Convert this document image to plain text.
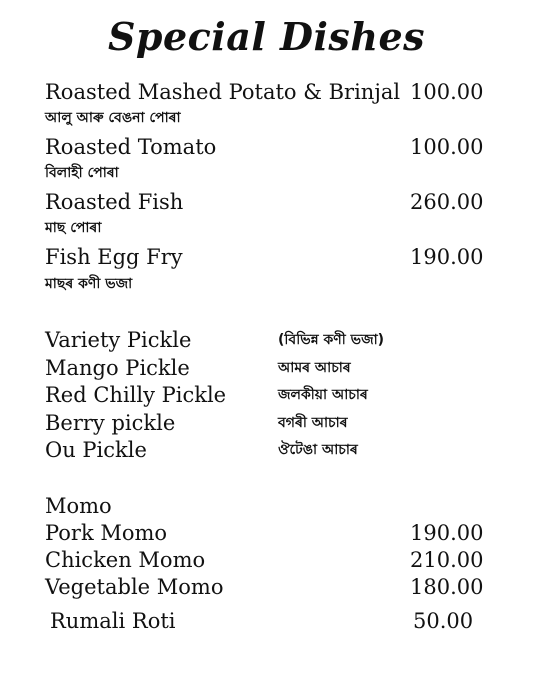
Special Dishes
Roasted Mashed Potato & Brinjal 100.00
আলু আৰু বেঙনা পোৰা
Roasted Tomato	100.00
বিলাহী পোৰা
Roasted Fish	260.00
মাছ পোৰা
Fish Egg Fry	190.00
মাছৰ কণী ভজা
Variety Pickle	(বিভিন্ন কণী ভজা)
Mango Pickle	আমৰ আচাৰ
Red Chilly Pickle	জলকীয়া আচাৰ
Berry pickle	বগৰী আচাৰ
Ou Pickle	ঔটেঙা আচাৰ
Momo
Pork Momo	190.00
Chicken Momo	210.00
Vegetable Momo	180.00
Rumali Roti	50.00
